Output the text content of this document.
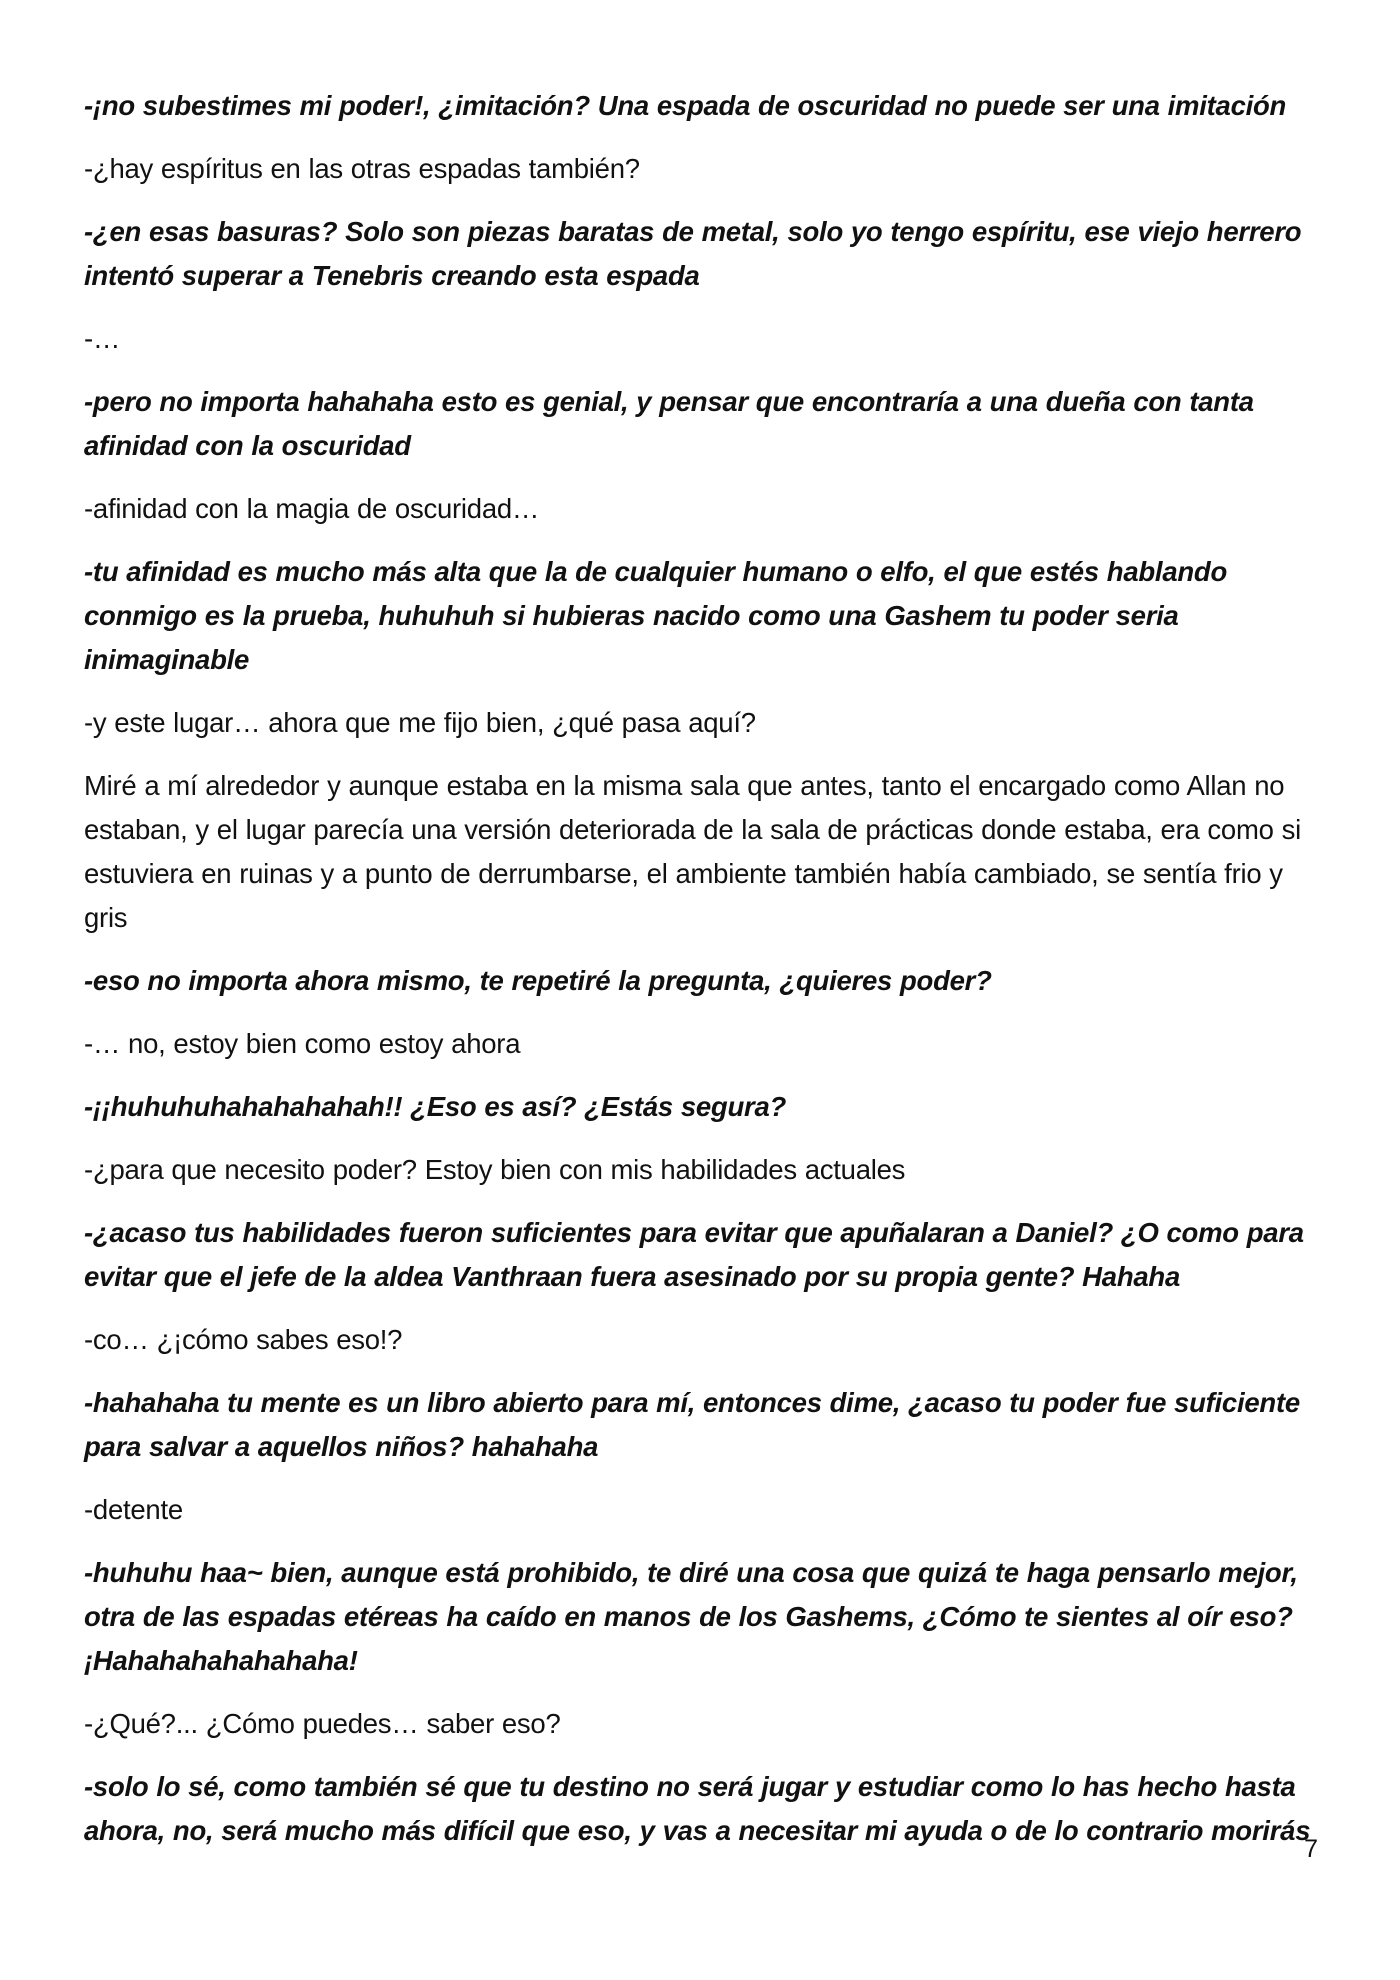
-¡no subestimes mi poder!, ¿imitación? Una espada de oscuridad no puede ser una imitación

-¿hay espíritus en las otras espadas también?

-¿en esas basuras? Solo son piezas baratas de metal, solo yo tengo espíritu, ese viejo herrero intentó superar a Tenebris creando esta espada

-…

-pero no importa hahahaha esto es genial, y pensar que encontraría a una dueña con tanta afinidad con la oscuridad

-afinidad con la magia de oscuridad…

-tu afinidad es mucho más alta que la de cualquier humano o elfo, el que estés hablando conmigo es la prueba, huhuhuh si hubieras nacido como una Gashem tu poder seria inimaginable

-y este lugar… ahora que me fijo bien, ¿qué pasa aquí?

Miré a mí alrededor y aunque estaba en la misma sala que antes, tanto el encargado como Allan no estaban, y el lugar parecía una versión deteriorada de la sala de prácticas donde estaba, era como si estuviera en ruinas y a punto de derrumbarse, el ambiente también había cambiado, se sentía frio y gris

-eso no importa ahora mismo, te repetiré la pregunta, ¿quieres poder?

-… no, estoy bien como estoy ahora

-¡¡huhuhuhahahahahah!! ¿Eso es así? ¿Estás segura?

-¿para que necesito poder? Estoy bien con mis habilidades actuales

-¿acaso tus habilidades fueron suficientes para evitar que apuñalaran a Daniel? ¿O como para evitar que el jefe de la aldea Vanthraan fuera asesinado por su propia gente? Hahaha

-co… ¿¡cómo sabes eso!?

-hahahaha tu mente es un libro abierto para mí, entonces dime, ¿acaso tu poder fue suficiente para salvar a aquellos niños? hahahaha

-detente

-huhuhu haa~ bien, aunque está prohibido, te diré una cosa que quizá te haga pensarlo mejor, otra de las espadas etéreas ha caído en manos de los Gashems, ¿Cómo te sientes al oír eso? ¡Hahahahahahahaha!

-¿Qué?... ¿Cómo puedes… saber eso?

-solo lo sé, como también sé que tu destino no será jugar y estudiar como lo has hecho hasta ahora, no, será mucho más difícil que eso, y vas a necesitar mi ayuda o de lo contrario morirás

7
